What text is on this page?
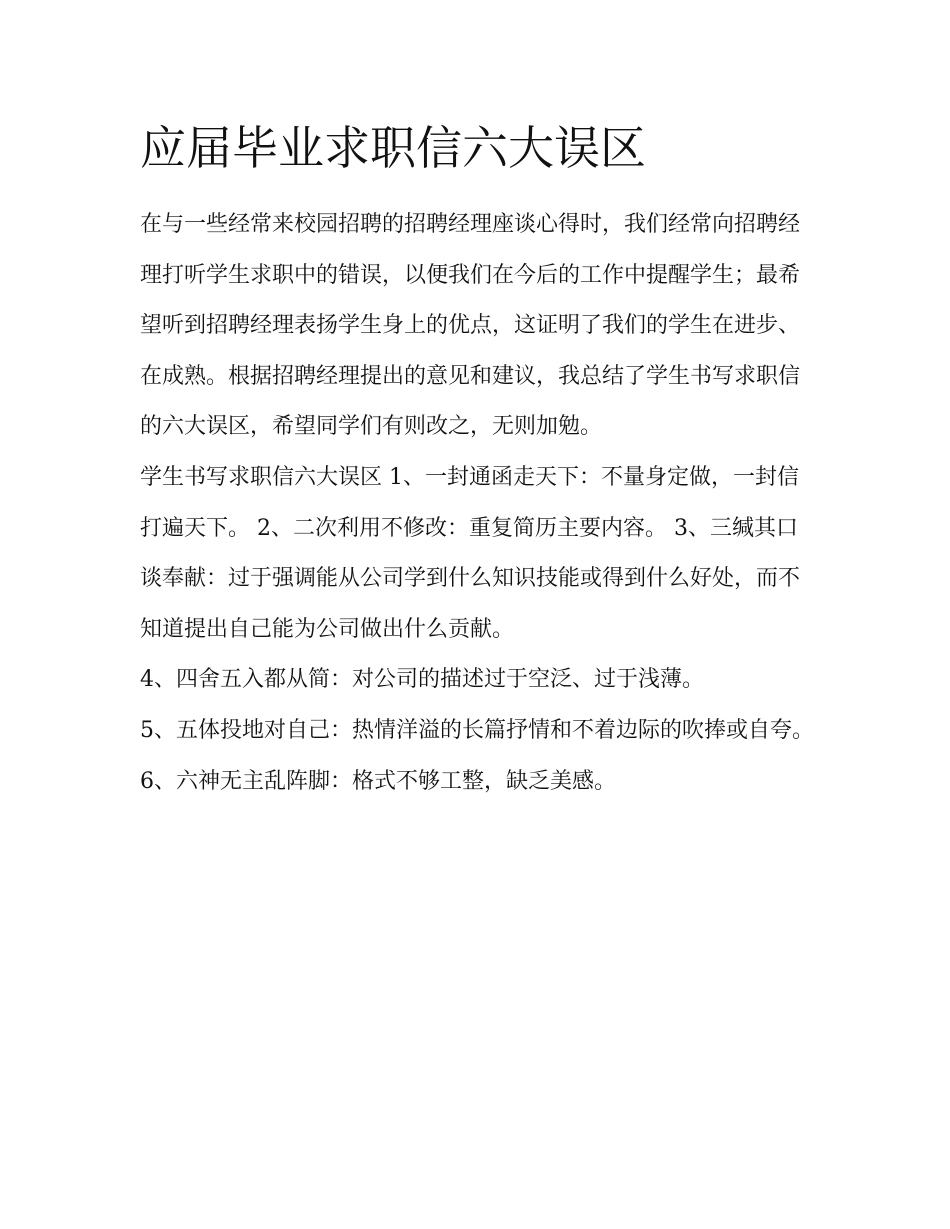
应届毕业求职信六大误区

在与一些经常来校园招聘的招聘经理座谈心得时，我们经常向招聘经理打听学生求职中的错误，以便我们在今后的工作中提醒学生；最希望听到招聘经理表扬学生身上的优点，这证明了我们的学生在进步、在成熟。根据招聘经理提出的意见和建议，我总结了学生书写求职信的六大误区，希望同学们有则改之，无则加勉。

学生书写求职信六大误区 1、一封通函走天下：不量身定做，一封信打遍天下。 2、二次利用不修改：重复简历主要内容。 3、三缄其口谈奉献：过于强调能从公司学到什么知识技能或得到什么好处，而不知道提出自己能为公司做出什么贡献。

4、四舍五入都从简：对公司的描述过于空泛、过于浅薄。

5、五体投地对自己：热情洋溢的长篇抒情和不着边际的吹捧或自夸。

6、六神无主乱阵脚：格式不够工整，缺乏美感。
